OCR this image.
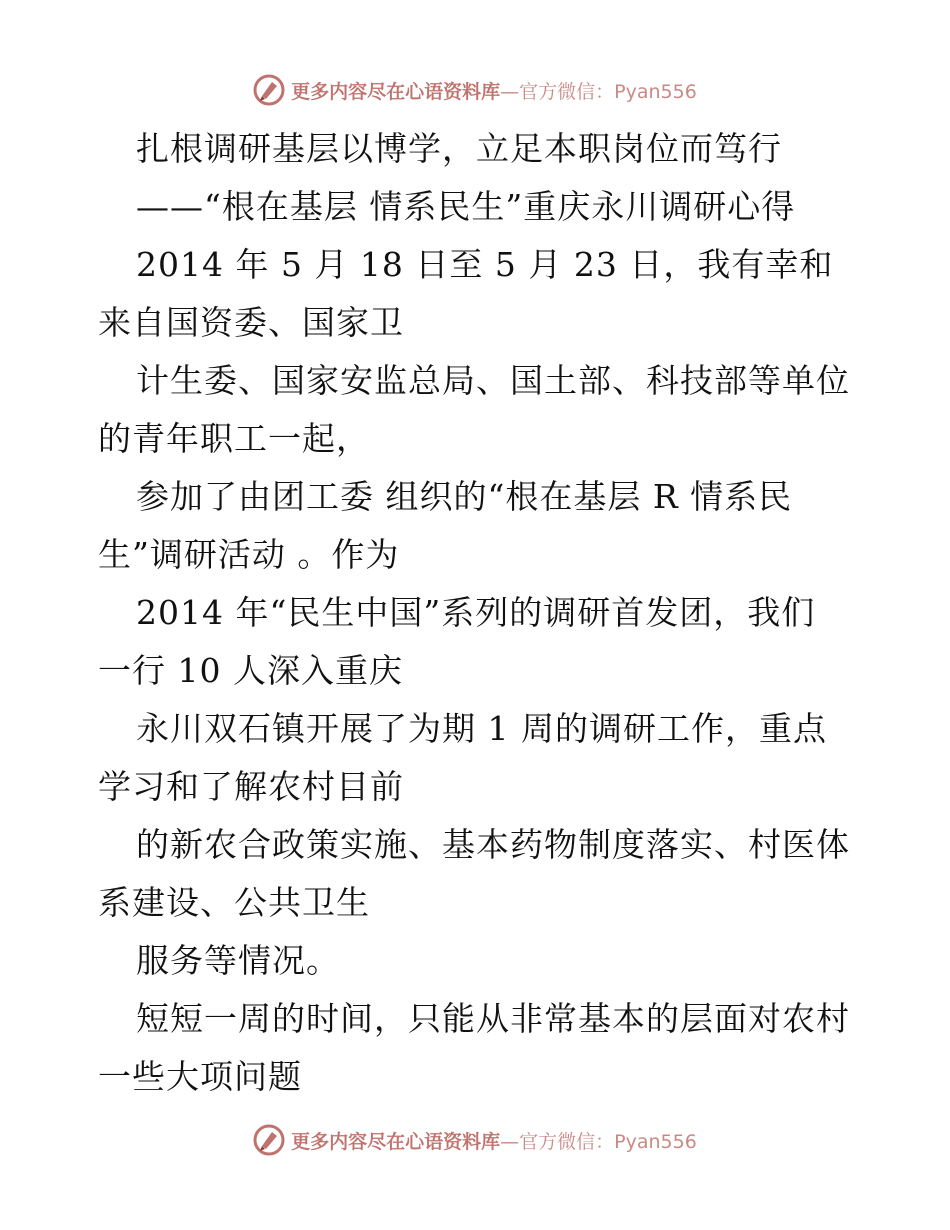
更多内容尽在心语资料库—官方微信：Pyan556
扎根调研基层以博学，立足本职岗位而笃行
——“根在基层 情系民生”重庆永川调研心得
2014 年 5 月 18 日至 5 月 23 日，我有幸和
来自国资委、国家卫
计生委、国家安监总局、国土部、科技部等单位
的青年职工一起，
参加了由团工委 组织的“根在基层 R 情系民
生”调研活动 。作为
2014 年“民生中国”系列的调研首发团，我们
一行 10 人深入重庆
永川双石镇开展了为期 1 周的调研工作，重点
学习和了解农村目前
的新农合政策实施、基本药物制度落实、村医体
系建设、公共卫生
服务等情况。
短短一周的时间，只能从非常基本的层面对农村
一些大项问题
更多内容尽在心语资料库—官方微信：Pyan556
